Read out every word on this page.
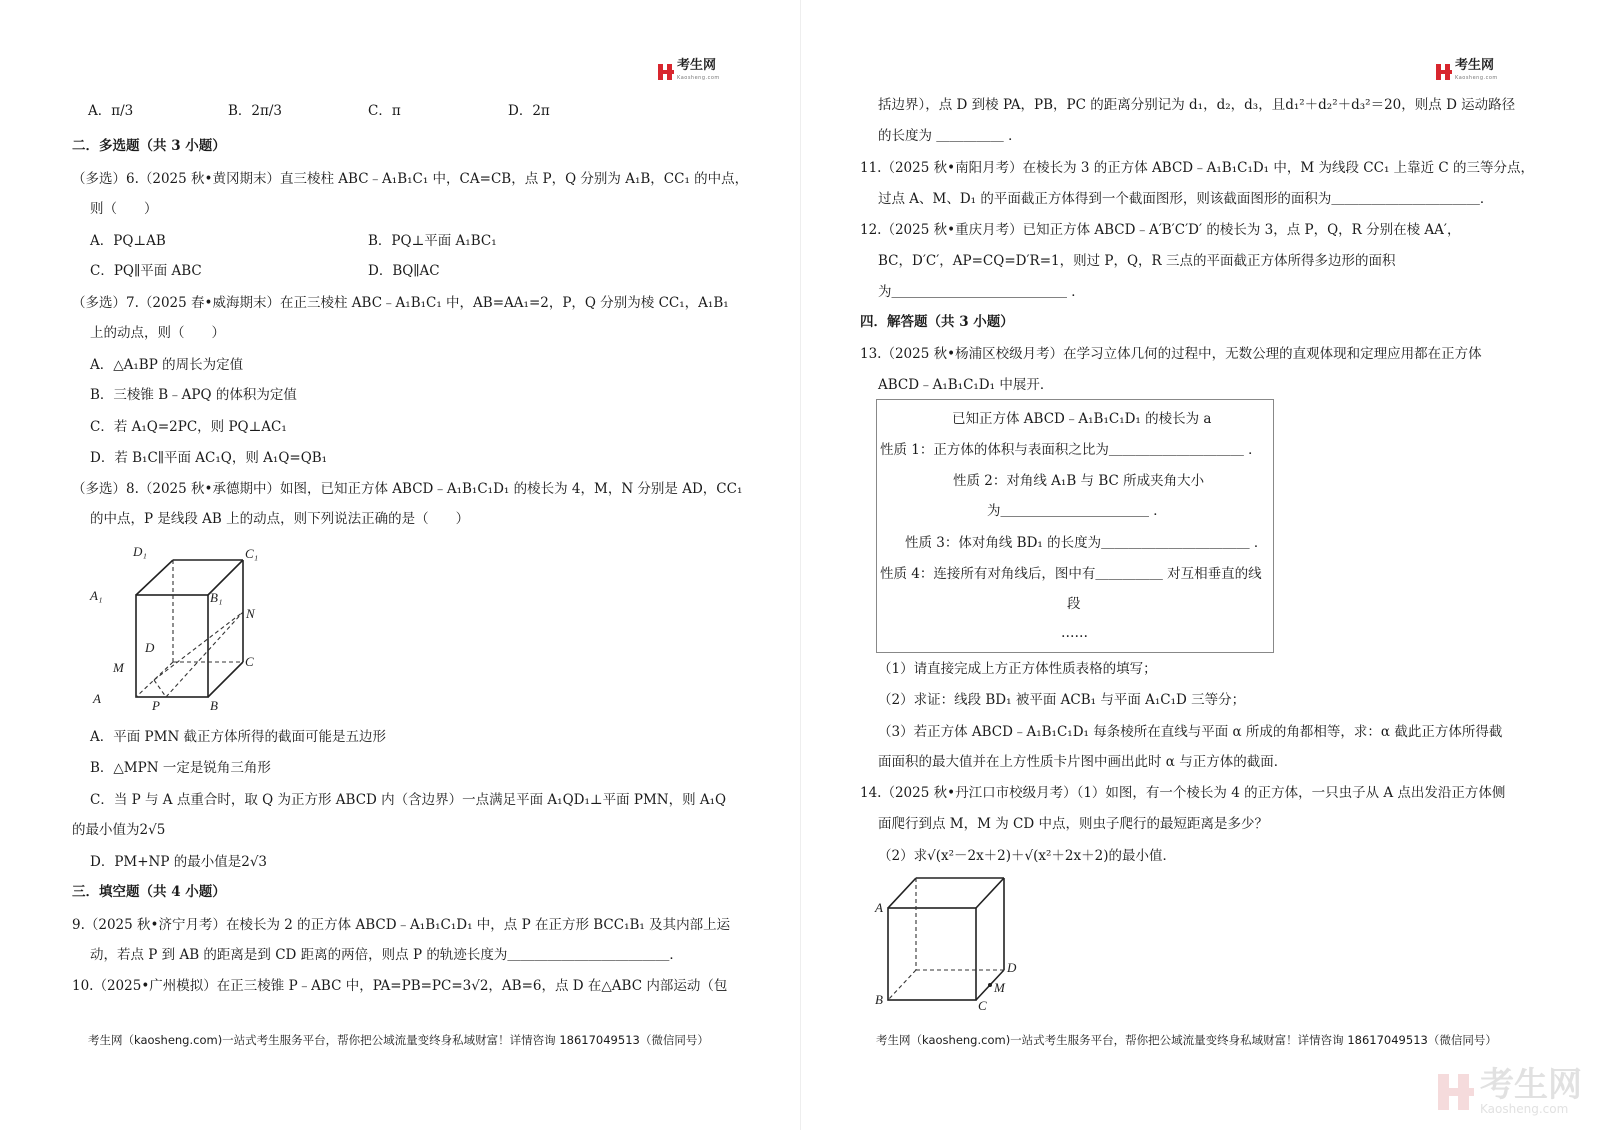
考生网
Kaosheng.com
A．π/3	B．2π/3	C．π	D．2π
二．多选题（共 3 小题）
（多选）6.（2025 秋•黄冈期末）直三棱柱 ABC﹣A₁B₁C₁ 中，CA=CB，点 P，Q 分别为 A₁B，CC₁ 的中点，
则（　　）
A．PQ⊥AB	B．PQ⊥平面 A₁BC₁
C．PQ∥平面 ABC	D．BQ∥AC
（多选）7.（2025 春•威海期末）在正三棱柱 ABC﹣A₁B₁C₁ 中，AB=AA₁=2，P，Q 分别为棱 CC₁，A₁B₁
上的动点，则（　　）
A．△A₁BP 的周长为定值
B．三棱锥 B﹣APQ 的体积为定值
C．若 A₁Q=2PC，则 PQ⊥AC₁
D．若 B₁C∥平面 AC₁Q，则 A₁Q=QB₁
（多选）8.（2025 秋•承德期中）如图，已知正方体 ABCD﹣A₁B₁C₁D₁ 的棱长为 4，M，N 分别是 AD，CC₁
的中点，P 是线段 AB 上的动点，则下列说法正确的是（　　）
D₁	C₁
A₁	B₁
N
D
C
M
A	P	B
A．平面 PMN 截正方体所得的截面可能是五边形
B．△MPN 一定是锐角三角形
C．当 P 与 A 点重合时，取 Q 为正方形 ABCD 内（含边界）一点满足平面 A₁QD₁⊥平面 PMN，则 A₁Q
的最小值为2√5
D．PM+NP 的最小值是2√3
三．填空题（共 4 小题）
9.（2025 秋•济宁月考）在棱长为 2 的正方体 ABCD﹣A₁B₁C₁D₁ 中，点 P 在正方形 BCC₁B₁ 及其内部上运
动，若点 P 到 AB 的距离是到 CD 距离的两倍，则点 P 的轨迹长度为＿＿＿＿＿＿＿＿＿＿＿＿．
10.（2025•广州模拟）在正三棱锥 P﹣ABC 中，PA=PB=PC=3√2，AB=6，点 D 在△ABC 内部运动（包
考生网（kaosheng.com)一站式考生服务平台，帮你把公域流量变终身私域财富！详情咨询 18617049513（微信同号）
考生网
Kaosheng.com
括边界），点 D 到棱 PA，PB，PC 的距离分别记为 d₁，d₂，d₃，且d₁²＋d₂²＋d₃²＝20，则点 D 运动路径
的长度为 ＿＿＿＿＿ ．
11.（2025 秋•南阳月考）在棱长为 3 的正方体 ABCD﹣A₁B₁C₁D₁ 中，M 为线段 CC₁ 上靠近 C 的三等分点，
过点 A、M、D₁ 的平面截正方体得到一个截面图形，则该截面图形的面积为＿＿＿＿＿＿＿＿＿＿＿．
12.（2025 秋•重庆月考）已知正方体 ABCD﹣A′B′C′D′ 的棱长为 3，点 P，Q，R 分别在棱 AA′，
BC，D′C′，AP=CQ=D′R=1，则过 P，Q，R 三点的平面截正方体所得多边形的面积
为＿＿＿＿＿＿＿＿＿＿＿＿＿ ．
四．解答题（共 3 小题）
13.（2025 秋•杨浦区校级月考）在学习立体几何的过程中，无数公理的直观体现和定理应用都在正方体
ABCD﹣A₁B₁C₁D₁ 中展开．
已知正方体 ABCD﹣A₁B₁C₁D₁ 的棱长为 a
性质 1：正方体的体积与表面积之比为＿＿＿＿＿＿＿＿＿＿ ．
性质 2：对角线 A₁B 与 BC 所成夹角大小
为＿＿＿＿＿＿＿＿＿＿＿ ．
性质 3：体对角线 BD₁ 的长度为＿＿＿＿＿＿＿＿＿＿＿ ．
性质 4：连接所有对角线后，图中有＿＿＿＿＿ 对互相垂直的线
段
……
（1）请直接完成上方正方体性质表格的填写；
（2）求证：线段 BD₁ 被平面 ACB₁ 与平面 A₁C₁D 三等分；
（3）若正方体 ABCD﹣A₁B₁C₁D₁ 每条棱所在直线与平面 α 所成的角都相等，求：α 截此正方体所得截
面面积的最大值并在上方性质卡片图中画出此时 α 与正方体的截面．
14.（2025 秋•丹江口市校级月考）（1）如图，有一个棱长为 4 的正方体，一只虫子从 A 点出发沿正方体侧
面爬行到点 M，M 为 CD 中点，则虫子爬行的最短距离是多少？
（2）求√(x²－2x＋2)＋√(x²＋2x＋2)的最小值．
A
B
D
C
M
考生网（kaosheng.com)一站式考生服务平台，帮你把公域流量变终身私域财富！详情咨询 18617049513（微信同号）
考生网
Kaosheng.com
